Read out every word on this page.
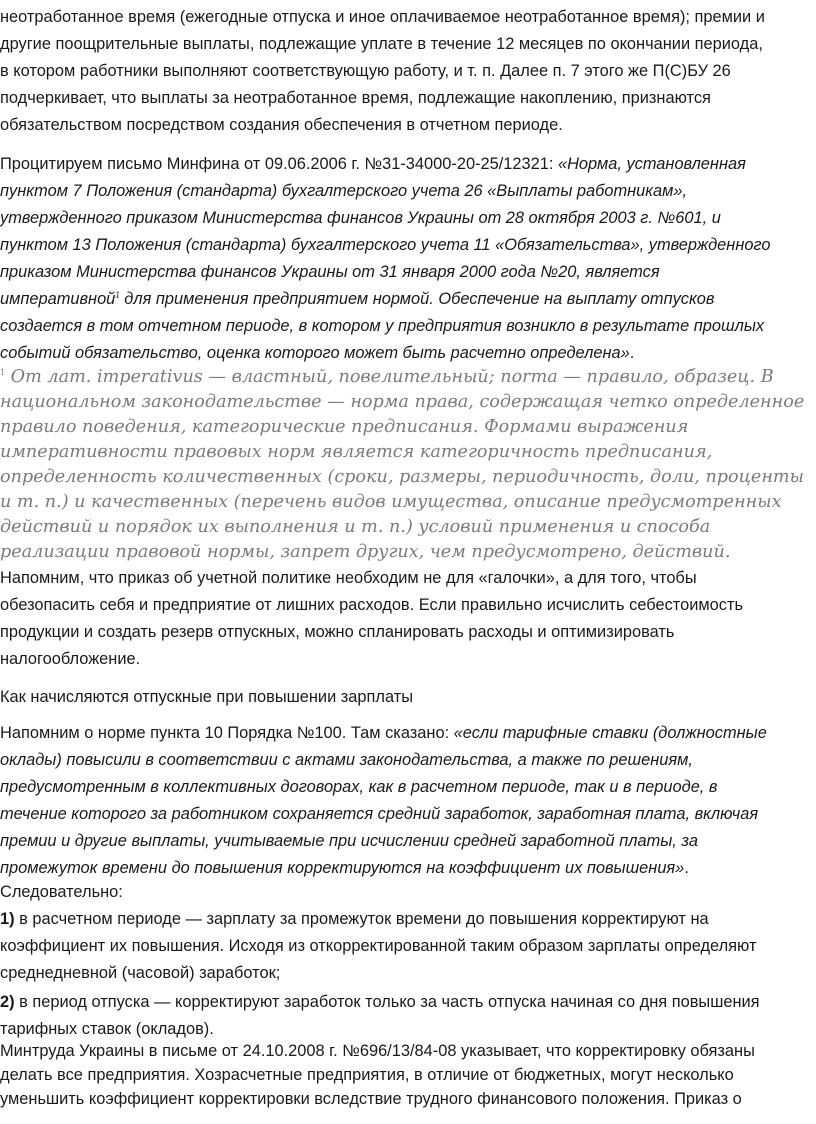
неотработанное время (ежегодные отпуска и иное оплачиваемое неотработанное время); премии и

другие поощрительные выплаты, подлежащие уплате в течение 12 месяцев по окончании периода,

в котором работники выполняют соответствующую работу, и т. п. Далее п. 7 этого же П(С)БУ 26

подчеркивает, что выплаты за неотработанное время, подлежащие накоплению, признаются

обязательством посредством создания обеспечения в отчетном периоде.

Процитируем письмо Минфина от 09.06.2006 г. №31-34000-20-25/12321: «Норма, установленная

пунктом 7 Положения (стандарта) бухгалтерского учета 26 «Выплаты работникам»,

утвержденного приказом Министерства финансов Украины от 28 октября 2003 г. №601, и

пунктом 13 Положения (стандарта) бухгалтерского учета 11 «Обязательства», утвержденного

приказом Министерства финансов Украины от 31 января 2000 года №20, является

императивной$^1$ для применения предприятием нормой. Обеспечение на выплату отпусков

создается в том отчетном периоде, в котором у предприятия возникло в результате прошлых

событий обязательство, оценка которого может быть расчетно определена».

$^1$ От лат. imperativus — властный, повелительный; norma — правило, образец. В

национальном законодательстве — норма права, содержащая четко определенное

правило поведения, категорические предписания. Формами выражения

императивности правовых норм является категоричность предписания,

определенность количественных (сроки, размеры, периодичность, доли, проценты

и т. п.) и качественных (перечень видов имущества, описание предусмотренных

действий и порядок их выполнения и т. п.) условий применения и способа

реализации правовой нормы, запрет других, чем предусмотрено, действий.

Напомним, что приказ об учетной политике необходим не для «галочки», а для того, чтобы

обезопасить себя и предприятие от лишних расходов. Если правильно исчислить себестоимость

продукции и создать резерв отпускных, можно спланировать расходы и оптимизировать

налогообложение.

Как начисляются отпускные при повышении зарплаты

Напомним о норме пункта 10 Порядка №100. Там сказано: «если тарифные ставки (должностные

оклады) повысили в соответствии с актами законодательства, а также по решениям,

предусмотренным в коллективных договорах, как в расчетном периоде, так и в периоде, в

течение которого за работником сохраняется средний заработок, заработная плата, включая

премии и другие выплаты, учитываемые при исчислении средней заработной платы, за

промежуток времени до повышения корректируются на коэффициент их повышения».

Следовательно:

1) в расчетном периоде — зарплату за промежуток времени до повышения корректируют на

коэффициент их повышения. Исходя из откорректированной таким образом зарплаты определяют

среднедневной (часовой) заработок;

2) в период отпуска — корректируют заработок только за часть отпуска начиная со дня повышения

тарифных ставок (окладов).

Минтруда Украины в письме от 24.10.2008 г. №696/13/84-08 указывает, что корректировку обязаны

делать все предприятия. Хозрасчетные предприятия, в отличие от бюджетных, могут несколько

уменьшить коэффициент корректировки вследствие трудного финансового положения. Приказ о
